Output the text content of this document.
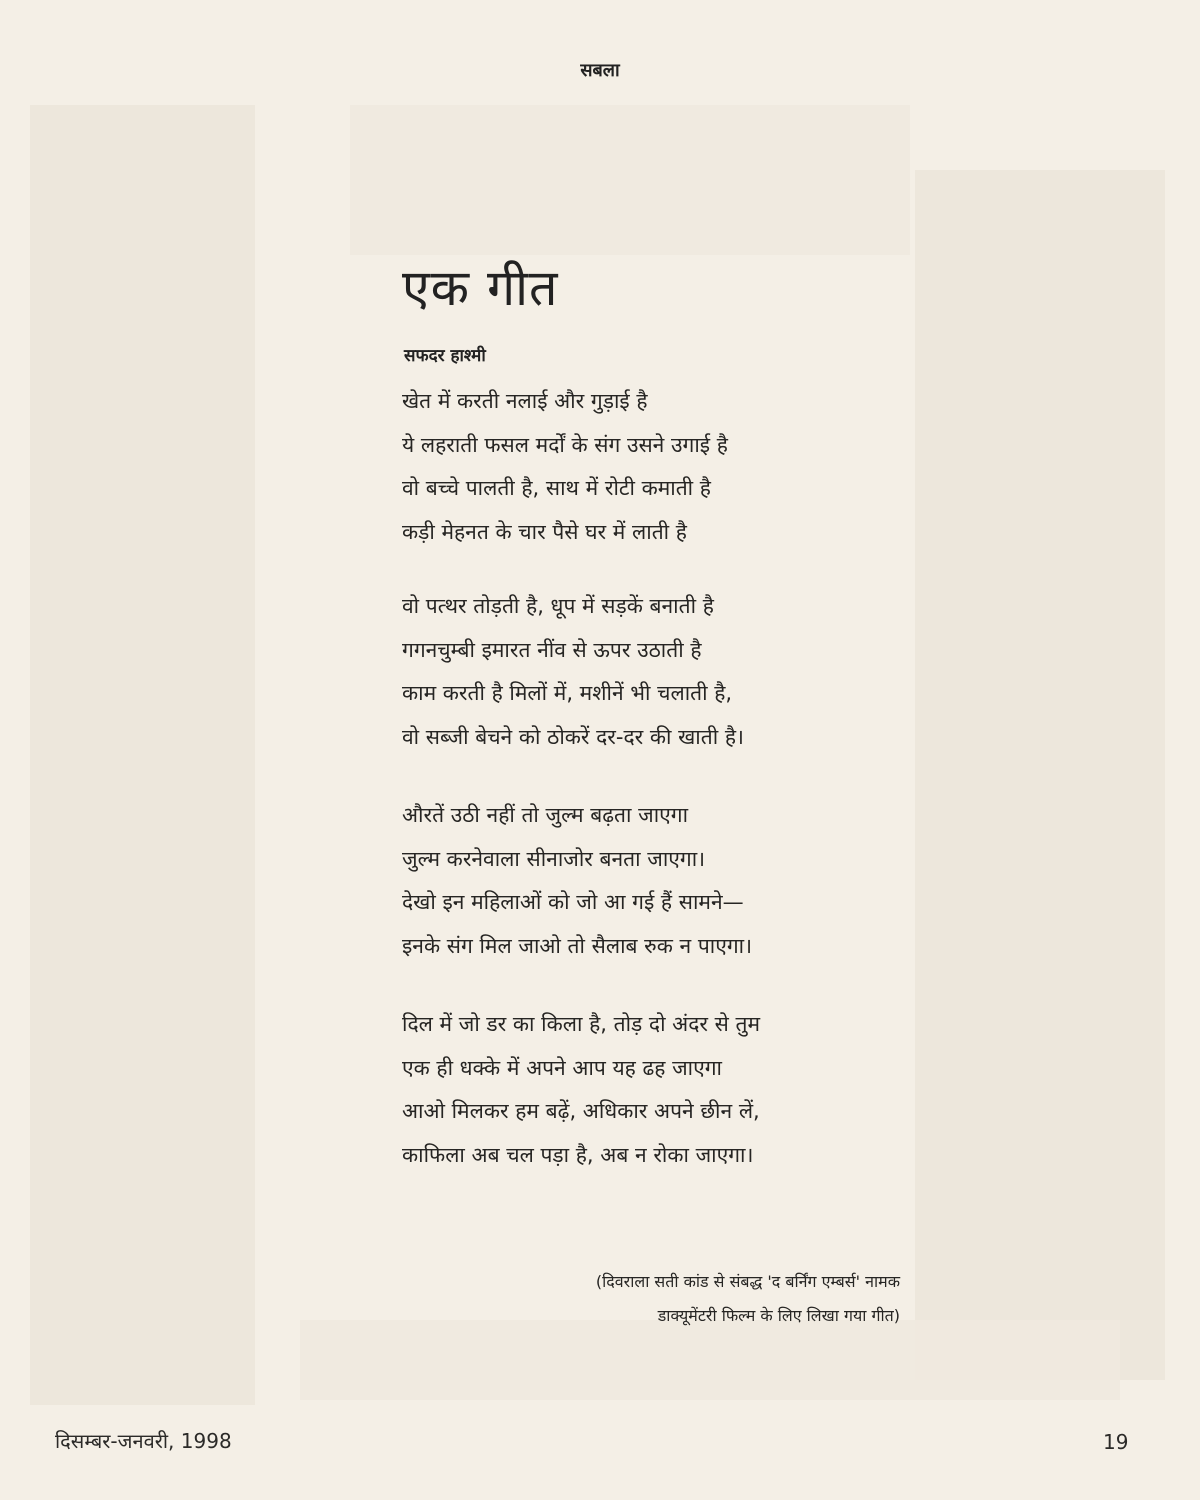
सबला
एक गीत
सफदर हाश्मी
खेत में करती नलाई और गुड़ाई है
ये लहराती फसल मर्दों के संग उसने उगाई है
वो बच्चे पालती है, साथ में रोटी कमाती है
कड़ी मेहनत के चार पैसे घर में लाती है
वो पत्थर तोड़ती है, धूप में सड़कें बनाती है
गगनचुम्बी इमारत नींव से ऊपर उठाती है
काम करती है मिलों में, मशीनें भी चलाती है,
वो सब्जी बेचने को ठोकरें दर-दर की खाती है।
औरतें उठी नहीं तो जुल्म बढ़ता जाएगा
जुल्म करनेवाला सीनाजोर बनता जाएगा।
देखो इन महिलाओं को जो आ गई हैं सामने—
इनके संग मिल जाओ तो सैलाब रुक न पाएगा।
दिल में जो डर का किला है, तोड़ दो अंदर से तुम
एक ही धक्के में अपने आप यह ढह जाएगा
आओ मिलकर हम बढ़ें, अधिकार अपने छीन लें,
काफिला अब चल पड़ा है, अब न रोका जाएगा।
(दिवराला सती कांड से संबद्ध 'द बर्निंग एम्बर्स' नामक
डाक्यूमेंटरी फिल्म के लिए लिखा गया गीत)
दिसम्बर-जनवरी, 1998	19
